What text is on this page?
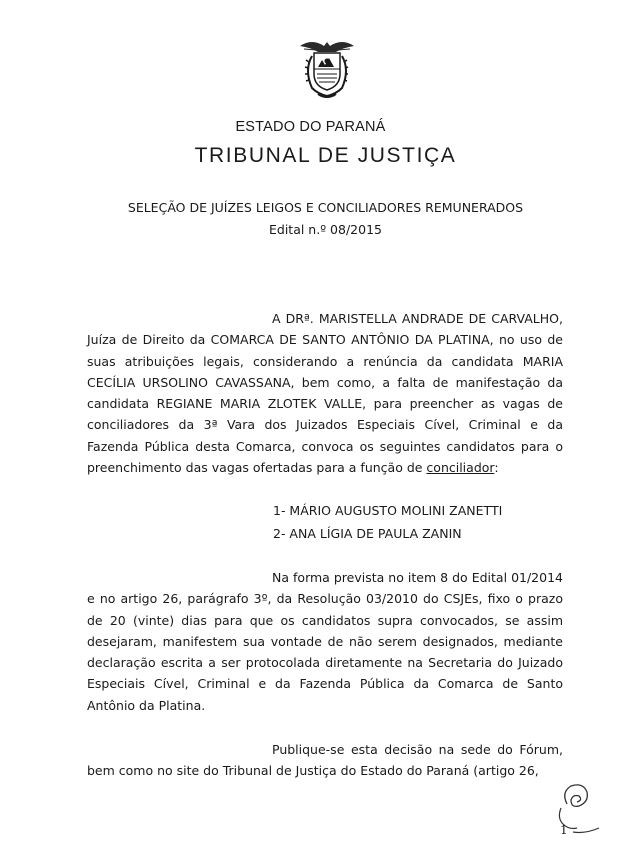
ESTADO DO PARANÁ
TRIBUNAL DE JUSTIÇA
SELEÇÃO DE JUÍZES LEIGOS E CONCILIADORES REMUNERADOS
Edital n.º 08/2015

A DRª. MARISTELLA ANDRADE DE CARVALHO, Juíza de Direito da COMARCA DE SANTO ANTÔNIO DA PLATINA, no uso de suas atribuições legais, considerando a renúncia da candidata MARIA CECÍLIA URSOLINO CAVASSANA, bem como, a falta de manifestação da candidata REGIANE MARIA ZLOTEK VALLE, para preencher as vagas de conciliadores da 3ª Vara dos Juizados Especiais Cível, Criminal e da Fazenda Pública desta Comarca, convoca os seguintes candidatos para o preenchimento das vagas ofertadas para a função de conciliador:

1- MÁRIO AUGUSTO MOLINI ZANETTI
2- ANA LÍGIA DE PAULA ZANIN

Na forma prevista no item 8 do Edital 01/2014 e no artigo 26, parágrafo 3º, da Resolução 03/2010 do CSJEs, fixo o prazo de 20 (vinte) dias para que os candidatos supra convocados, se assim desejaram, manifestem sua vontade de não serem designados, mediante declaração escrita a ser protocolada diretamente na Secretaria do Juizado Especiais Cível, Criminal e da Fazenda Pública da Comarca de Santo Antônio da Platina.

Publique-se esta decisão na sede do Fórum, bem como no site do Tribunal de Justiça do Estado do Paraná (artigo 26,

1
